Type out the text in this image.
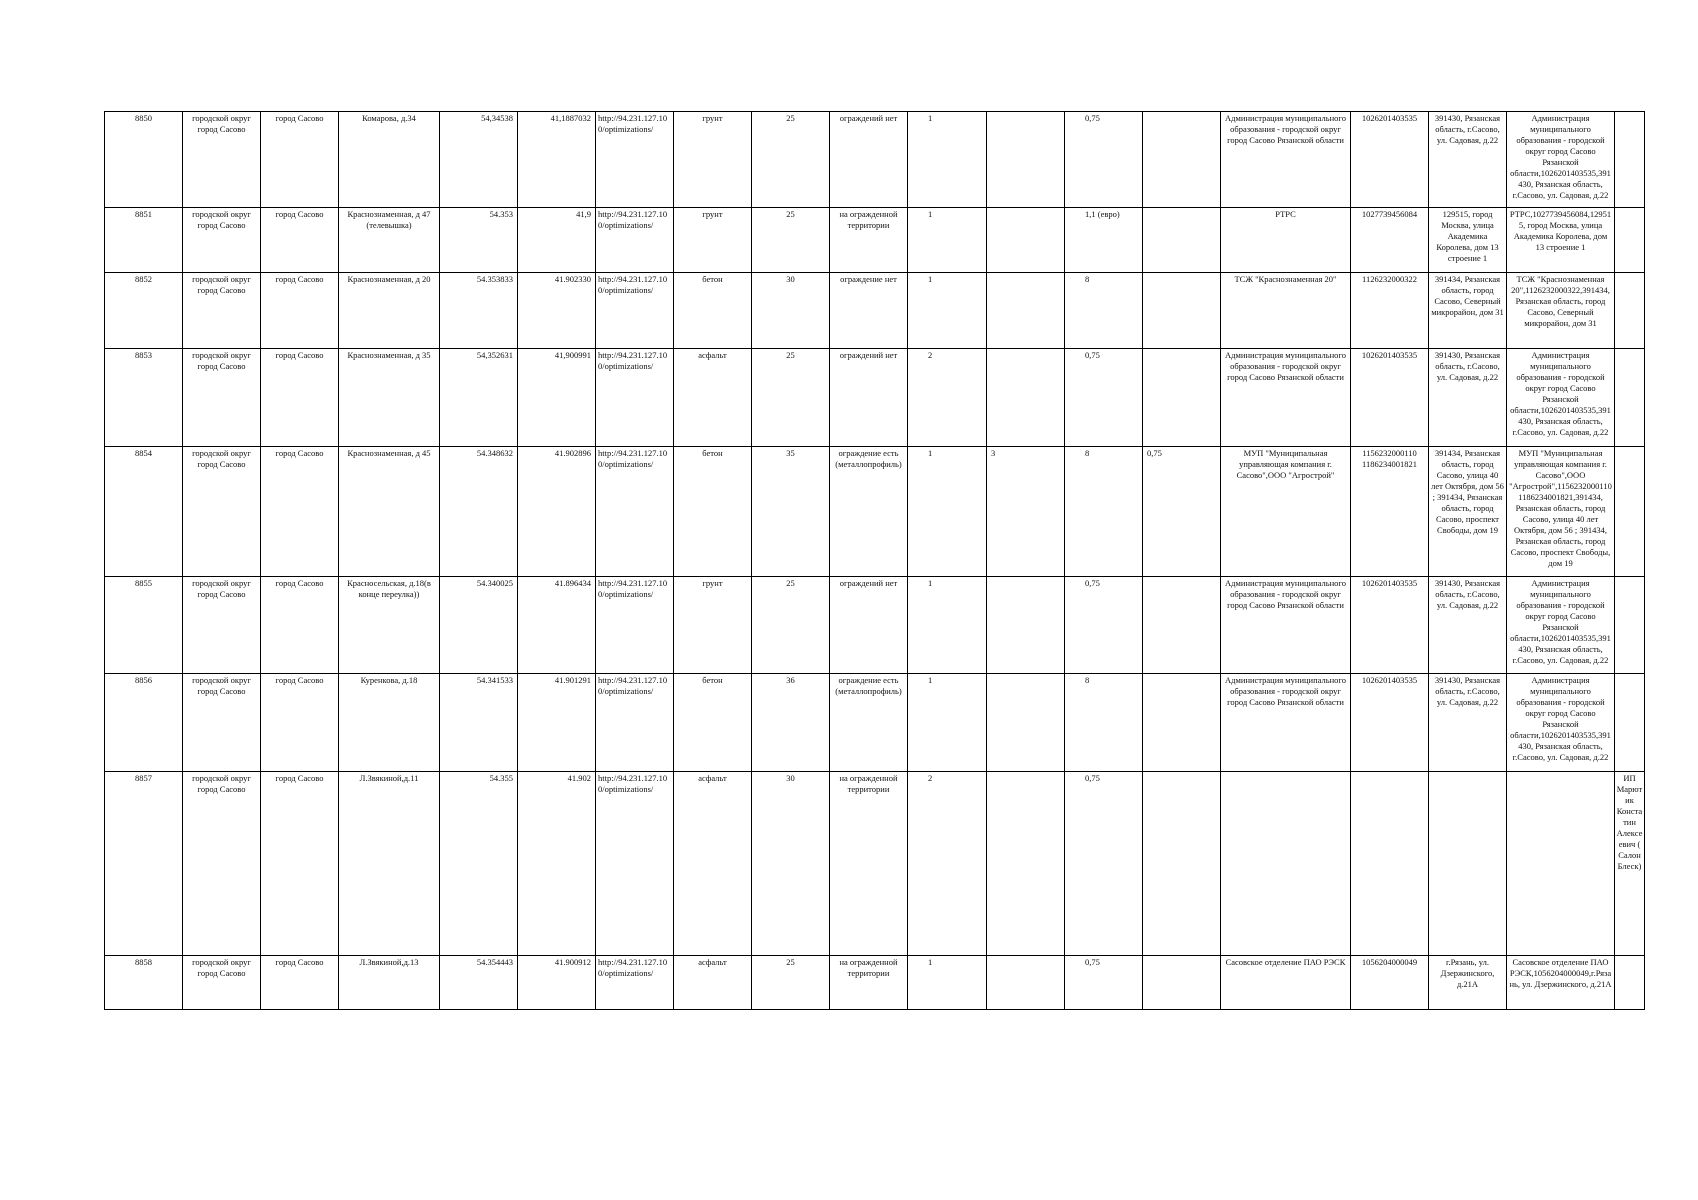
8850	городской округ город Сасово	город Сасово	Комарова, д.34	54,34538	41,1887032	http://94.231.127.100/optimizations/	грунт	25	ограждений нет	1		0,75		Администрация муниципального образования - городской округ город Сасово Рязанской области	1026201403535	391430, Рязанская область, г.Сасово, ул. Садовая, д.22	Администрация муниципального образования - городской округ город Сасово Рязанской области,1026201403535,391430, Рязанская область, г.Сасово, ул. Садовая, д.22	
8851	городской округ город Сасово	город Сасово	Краснознаменная, д 47 (телевышка)	54.353	41,9	http://94.231.127.100/optimizations/	грунт	25	на огражденной территории	1		1,1 (евро)		РТРС	1027739456084	129515, город Москва, улица Академика Королева, дом 13 строение 1	РТРС,1027739456084,129515, город Москва, улица Академика Королева, дом 13 строение 1	
8852	городской округ город Сасово	город Сасово	Краснознаменная, д 20	54.353833	41.902330	http://94.231.127.100/optimizations/	бетон	30	ограждение нет	1		8		ТСЖ "Краснознаменная 20"	1126232000322	391434, Рязанская область, город Сасово, Северный микрорайон, дом 31	ТСЖ "Краснознаменная 20",1126232000322,391434, Рязанская область, город Сасово, Северный микрорайон, дом 31	
8853	городской округ город Сасово	город Сасово	Краснознаменная, д 35	54,352631	41,900991	http://94.231.127.100/optimizations/	асфальт	25	ограждений нет	2		0,75		Администрация муниципального образования - городской округ город Сасово Рязанской области	1026201403535	391430, Рязанская область, г.Сасово, ул. Садовая, д.22	Администрация муниципального образования - городской округ город Сасово Рязанской области,1026201403535,391430, Рязанская область, г.Сасово, ул. Садовая, д.22	
8854	городской округ город Сасово	город Сасово	Краснознаменная, д 45	54.348632	41.902896	http://94.231.127.100/optimizations/	бетон	35	ограждение есть (металлопрофиль)	1	3	8	0,75	МУП "Муниципальная управляющая компания г. Сасово",ООО "Агрострой"	1156232000110 1186234001821	391434, Рязанская область, город Сасово, улица 40 лет Октября, дом 56 ; 391434, Рязанская область, город Сасово, проспект Свободы, дом 19	МУП "Муниципальная управляющая компания г. Сасово",ООО "Агрострой",1156232000110 1186234001821,391434, Рязанская область, город Сасово, улица 40 лет Октября, дом 56 ; 391434, Рязанская область, город Сасово, проспект Свободы, дом 19	
8855	городской округ город Сасово	город Сасово	Красносельская, д.18(в конце переулка))	54.340025	41.896434	http://94.231.127.100/optimizations/	грунт	25	ограждений нет	1		0,75		Администрация муниципального образования - городской округ город Сасово Рязанской области	1026201403535	391430, Рязанская область, г.Сасово, ул. Садовая, д.22	Администрация муниципального образования - городской округ город Сасово Рязанской области,1026201403535,391430, Рязанская область, г.Сасово, ул. Садовая, д.22	
8856	городской округ город Сасово	город Сасово	Куренкова, д.18	54.341533	41.901291	http://94.231.127.100/optimizations/	бетон	36	ограждение есть (металлопрофиль)	1		8		Администрация муниципального образования - городской округ город Сасово Рязанской области	1026201403535	391430, Рязанская область, г.Сасово, ул. Садовая, д.22	Администрация муниципального образования - городской округ город Сасово Рязанской области,1026201403535,391430, Рязанская область, г.Сасово, ул. Садовая, д.22	
8857	городской округ город Сасово	город Сасово	Л.Звякиной,д.11	54.355	41.902	http://94.231.127.100/optimizations/	асфальт	30	на огражденной территории	2		0,75						ИП Марютик Констатин Алексеевич ( Салон Блеск)
8858	городской округ город Сасово	город Сасово	Л.Звякиной,д.13	54.354443	41.900912	http://94.231.127.100/optimizations/	асфальт	25	на огражденной территории	1		0,75		Сасовское отделение ПАО РЭСК	1056204000049	г.Рязань, ул. Дзержинского, д.21А	Сасовское отделение ПАО РЭСК,1056204000049,г.Рязань, ул. Дзержинского, д.21А	
